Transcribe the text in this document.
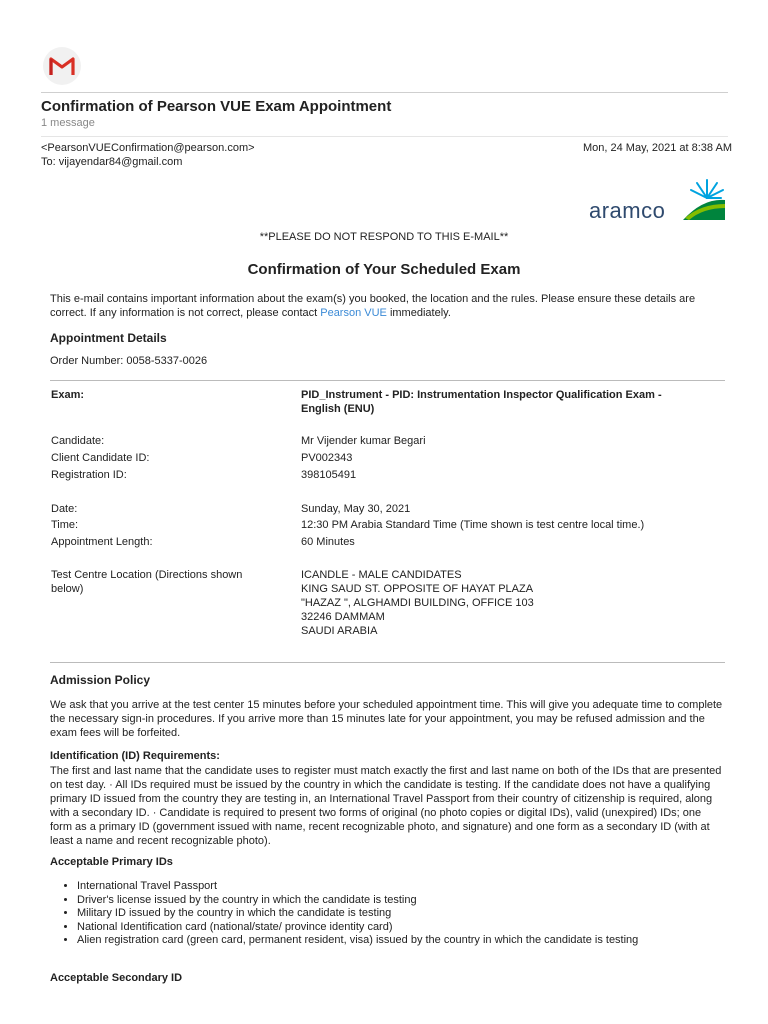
Confirmation of Pearson VUE Exam Appointment
1 message
<PearsonVUEConfirmation@pearson.com>
To: vijayendar84@gmail.com
Mon, 24 May, 2021 at 8:38 AM
aramco
**PLEASE DO NOT RESPOND TO THIS E-MAIL**
Confirmation of Your Scheduled Exam
This e-mail contains important information about the exam(s) you booked, the location and the rules. Please ensure these details are correct. If any information is not correct, please contact Pearson VUE immediately.
Appointment Details
Order Number: 0058-5337-0026
Exam:	PID_Instrument - PID: Instrumentation Inspector Qualification Exam - English (ENU)
Candidate:	Mr Vijender kumar Begari
Client Candidate ID:	PV002343
Registration ID:	398105491
Date:	Sunday, May 30, 2021
Time:	12:30 PM Arabia Standard Time (Time shown is test centre local time.)
Appointment Length:	60 Minutes
Test Centre Location (Directions shown below)
ICANDLE - MALE CANDIDATES
KING SAUD ST. OPPOSITE OF HAYAT PLAZA
"HAZAZ ", ALGHAMDI BUILDING, OFFICE 103
32246 DAMMAM
SAUDI ARABIA
Admission Policy
We ask that you arrive at the test center 15 minutes before your scheduled appointment time. This will give you adequate time to complete the necessary sign-in procedures. If you arrive more than 15 minutes late for your appointment, you may be refused admission and the exam fees will be forfeited.
Identification (ID) Requirements:
The first and last name that the candidate uses to register must match exactly the first and last name on both of the IDs that are presented on test day. · All IDs required must be issued by the country in which the candidate is testing. If the candidate does not have a qualifying primary ID issued from the country they are testing in, an International Travel Passport from their country of citizenship is required, along with a secondary ID. · Candidate is required to present two forms of original (no photo copies or digital IDs), valid (unexpired) IDs; one form as a primary ID (government issued with name, recent recognizable photo, and signature) and one form as a secondary ID (with at least a name and recent recognizable photo).
Acceptable Primary IDs
• International Travel Passport
• Driver's license issued by the country in which the candidate is testing
• Military ID issued by the country in which the candidate is testing
• National Identification card (national/state/ province identity card)
• Alien registration card (green card, permanent resident, visa) issued by the country in which the candidate is testing
Acceptable Secondary ID
